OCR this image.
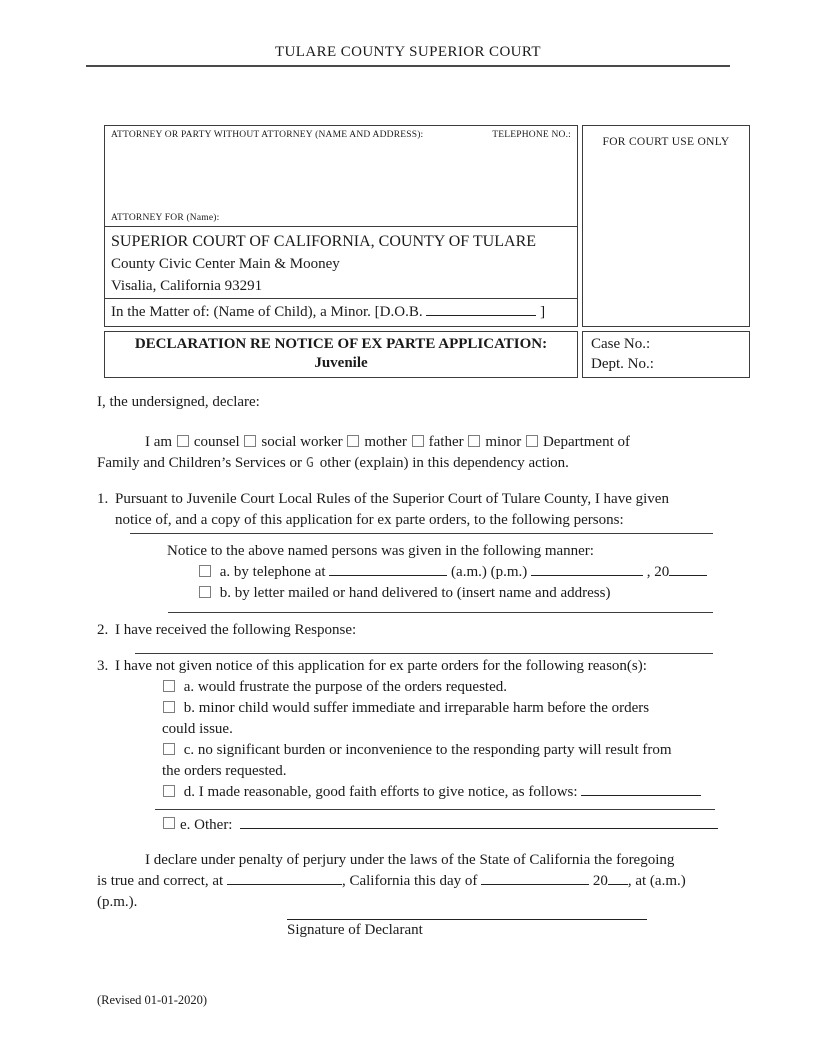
TULARE COUNTY SUPERIOR COURT
ATTORNEY OR PARTY WITHOUT ATTORNEY (NAME AND ADDRESS):	TELEPHONE NO.:
ATTORNEY FOR (Name):
SUPERIOR COURT OF CALIFORNIA, COUNTY OF TULARE
County Civic Center Main & Mooney
Visalia, California 93291
In the Matter of: (Name of Child), a Minor. [D.O.B.	]
FOR COURT USE ONLY
DECLARATION RE NOTICE OF EX PARTE APPLICATION:
Juvenile
Case No.:
Dept. No.:
I, the undersigned, declare:
I am counsel social worker mother father minor Department of
Family and Children’s Services or G other (explain) in this dependency action.
1. Pursuant to Juvenile Court Local Rules of the Superior Court of Tulare County, I have given
notice of, and a copy of this application for ex parte orders, to the following persons:
Notice to the above named persons was given in the following manner:
a. by telephone at	(a.m.) (p.m.)	, 20
b. by letter mailed or hand delivered to (insert name and address)
2. I have received the following Response:
3. I have not given notice of this application for ex parte orders for the following reason(s):
a. would frustrate the purpose of the orders requested.
b. minor child would suffer immediate and irreparable harm before the orders
could issue.
c. no significant burden or inconvenience to the responding party will result from
the orders requested.
d. I made reasonable, good faith efforts to give notice, as follows:
e. Other:
I declare under penalty of perjury under the laws of the State of California the foregoing
is true and correct, at	, California this day of	20 , at (a.m.)
(p.m.).
Signature of Declarant
(Revised 01-01-2020)
